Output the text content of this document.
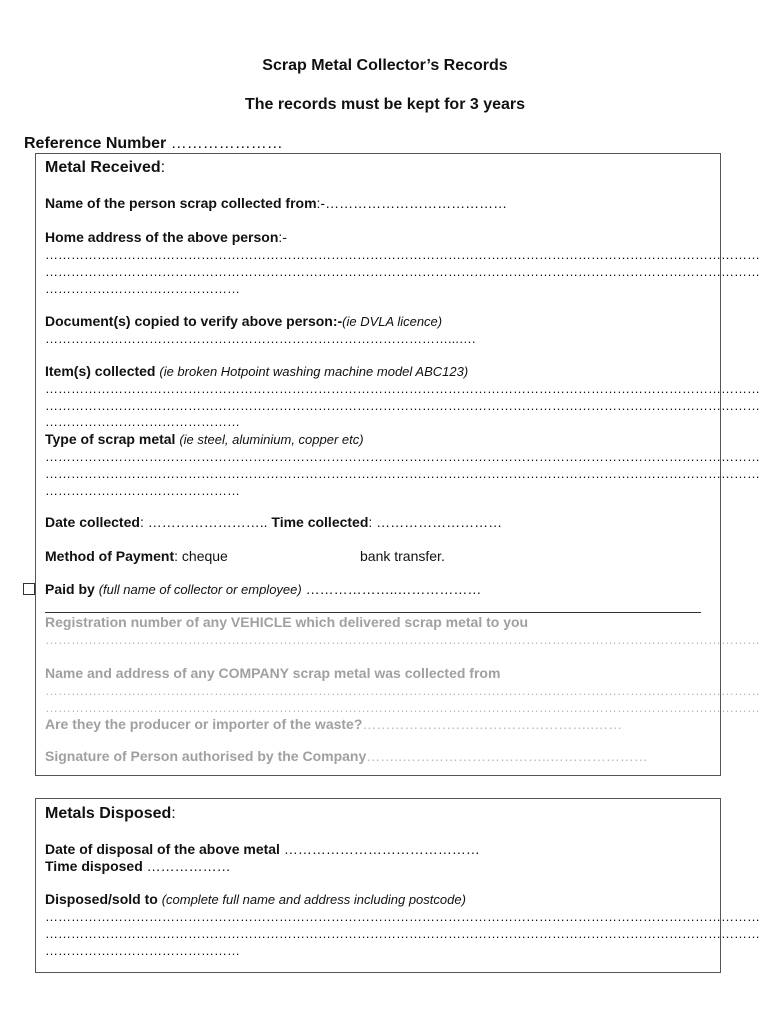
Scrap Metal Collector’s Records
The records must be kept for 3 years
Reference Number …………………
Metal Received:
Name of the person scrap collected from:-…………………………………
Home address of the above person:-
…………………………………………………………………………………………………………………………………………………
…………………………………………………………………………………………………………………………………………………
………………………………………
Document(s) copied to verify above person:-(ie DVLA licence)
…………………………………………………………………………………...….
Item(s) collected (ie broken Hotpoint washing machine model ABC123)
…………………………………………………………………………………………………………………………………………………
…………………………………………………………………………………………………………………………………………………
………………………………………
Type of scrap metal (ie steel, aluminium, copper etc)
…………………………………………………………………………………………………………………………………………………
…………………………………………………………………………………………………………………………………………………
………………………………………
Date collected: …………………….. Time collected: ………………………
Method of Payment: cheque	bank transfer.
Paid by (full name of collector or employee) ………………..………………
Registration number of any VEHICLE which delivered scrap metal to you
…………………………………………………………………………………………………………………………………………………
Name and address of any COMPANY scrap metal was collected from
…………………………………………………………………………………………………………………………………………………
…………………………………………………………………………………………………………………………………………………
Are they the producer or importer of the waste?…………………………………………..……
Signature of Person authorised by the Company……..…………………………..…………………
Metals Disposed:
Date of disposal of the above metal ……………………………………
Time disposed ………………
Disposed/sold to (complete full name and address including postcode)
…………………………………………………………………………………………………………………………………………………
…………………………………………………………………………………………………………………………………………………
………………………………………
